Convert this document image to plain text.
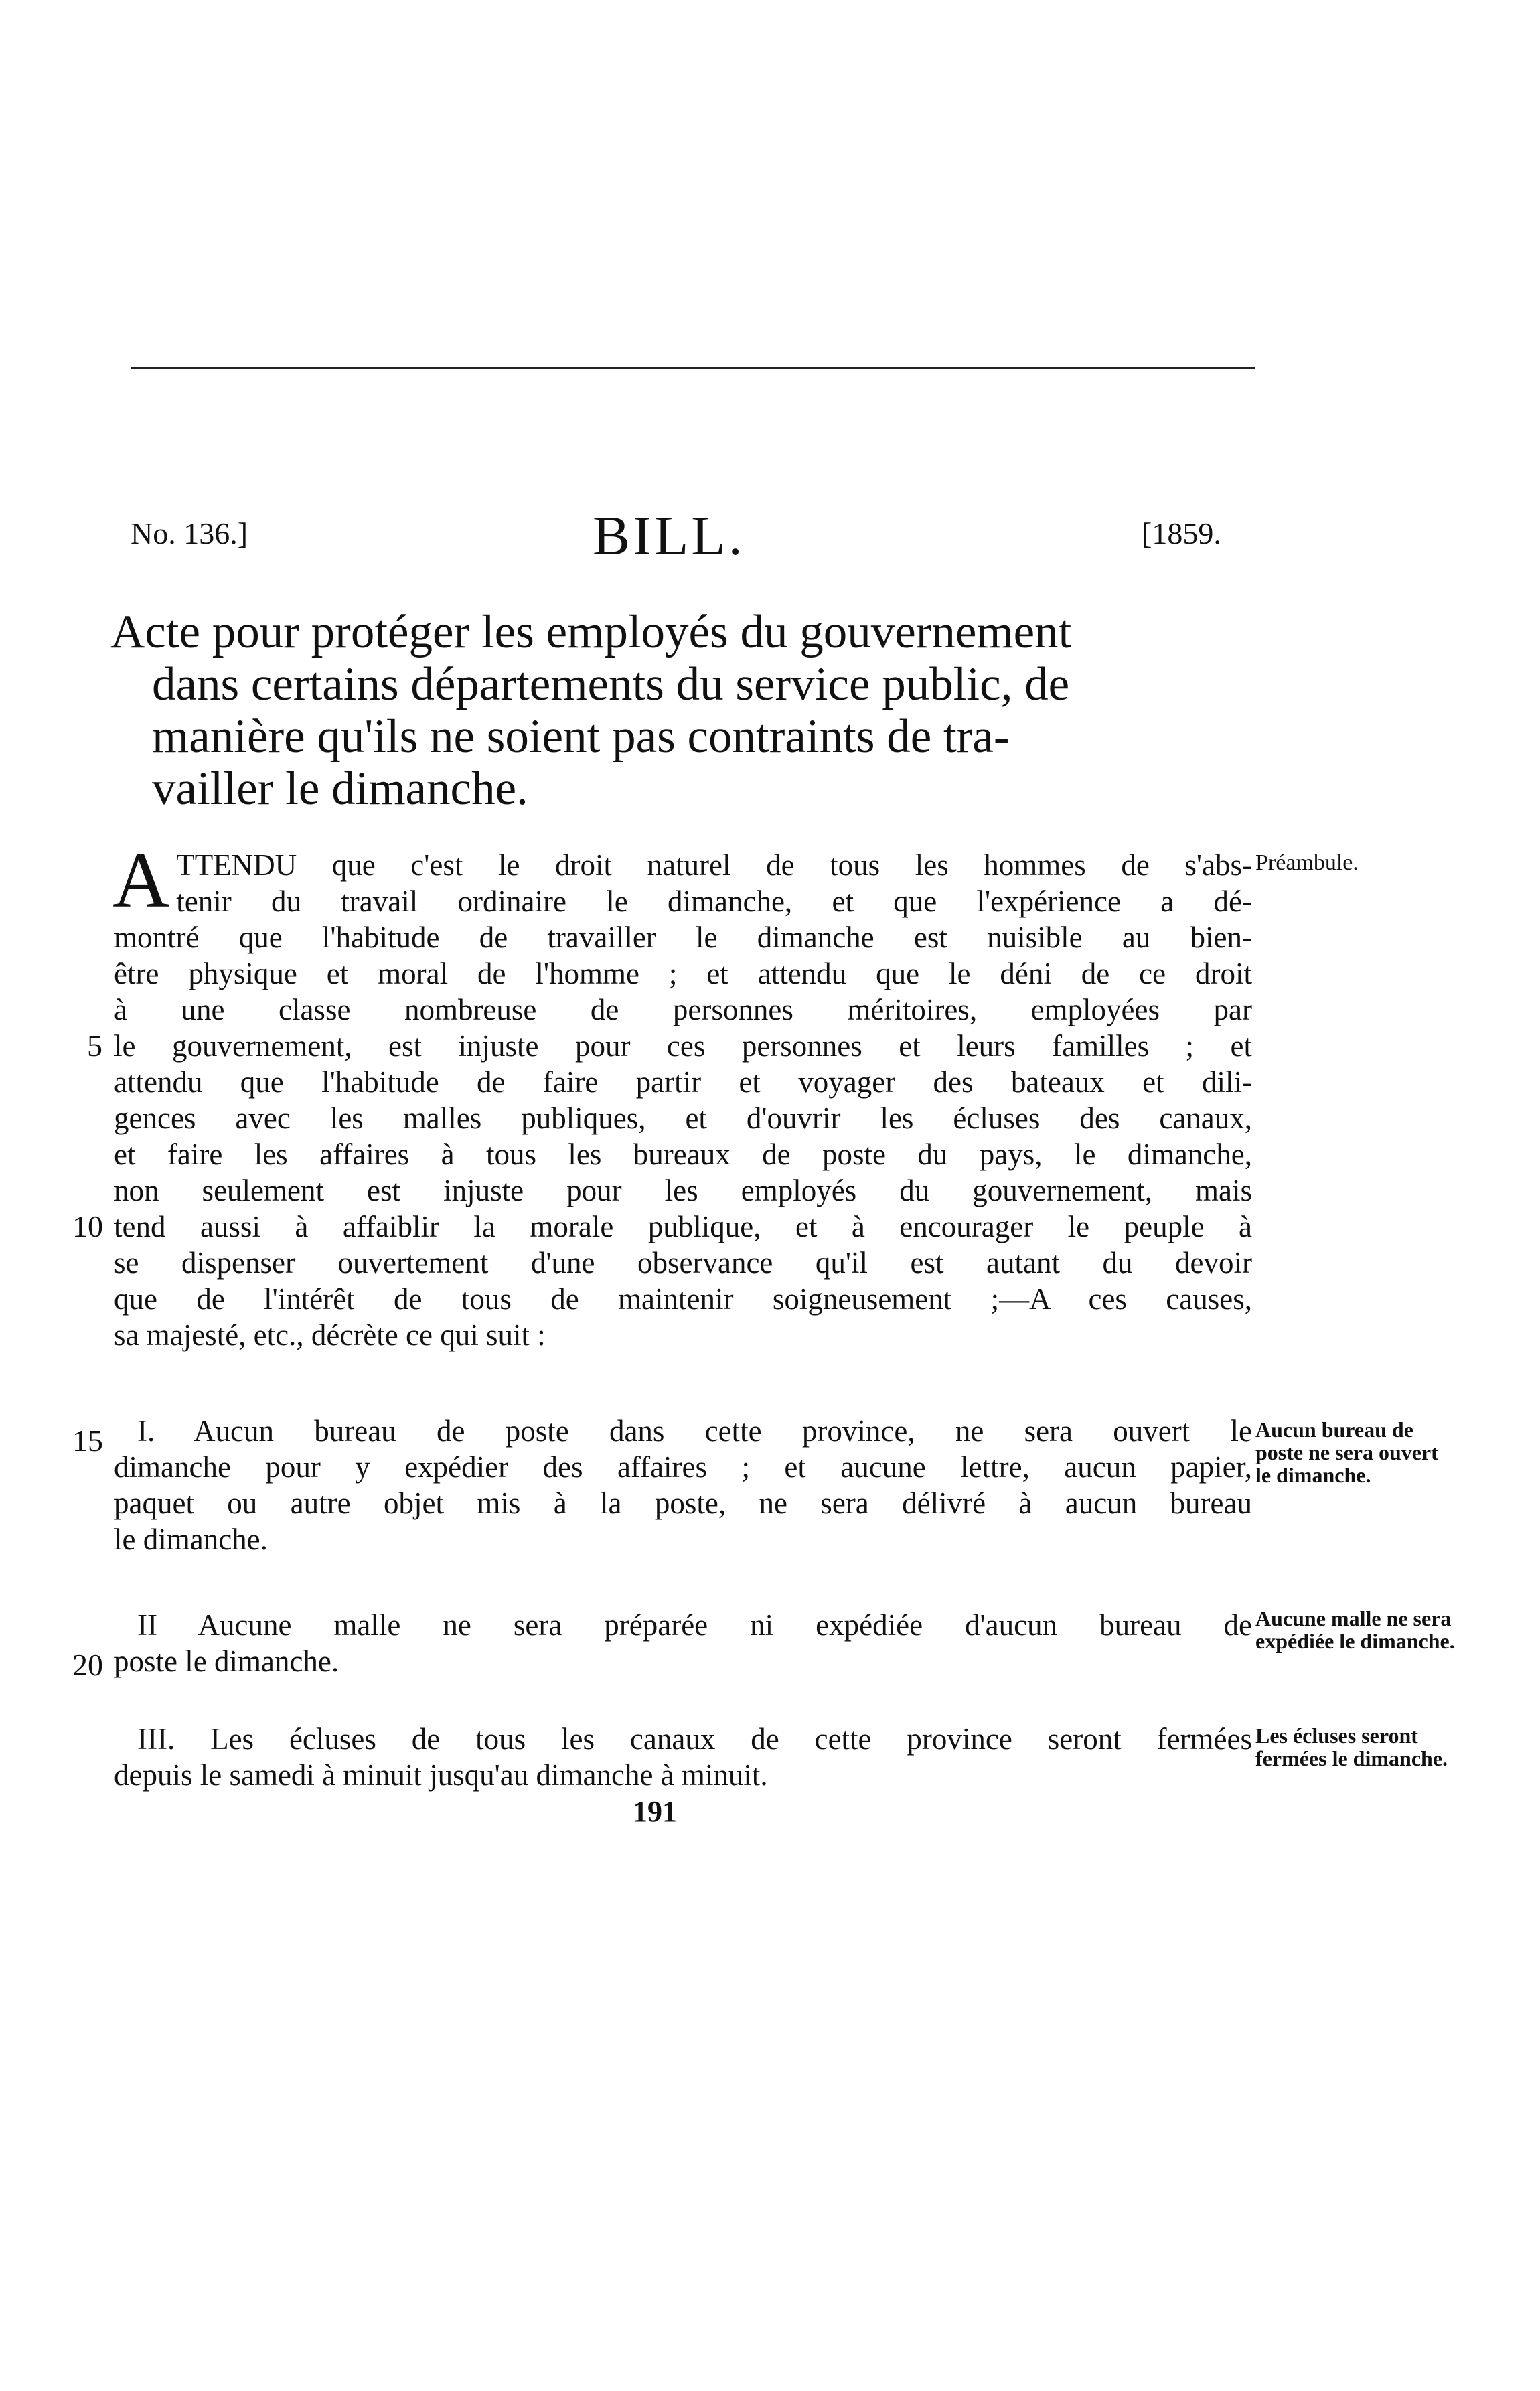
No. 136.]	BILL.	[1859.
Acte pour protéger les employés du gouvernement
dans certains départements du service public, de
manière qu'ils ne soient pas contraints de tra-
vailler le dimanche.
A TTENDU que c'est le droit naturel de tous les hommes de s'abs-
tenir du travail ordinaire le dimanche, et que l'expérience a dé-
montré que l'habitude de travailler le dimanche est nuisible au bien-
être physique et moral de l'homme ; et attendu que le déni de ce droit
à une classe nombreuse de personnes méritoires, employées par
le gouvernement, est injuste pour ces personnes et leurs familles ; et
attendu que l'habitude de faire partir et voyager des bateaux et dili-
gences avec les malles publiques, et d'ouvrir les écluses des canaux,
et faire les affaires à tous les bureaux de poste du pays, le dimanche,
non seulement est injuste pour les employés du gouvernement, mais
tend aussi à affaiblir la morale publique, et à encourager le peuple à
se dispenser ouvertement d'une observance qu'il est autant du devoir
que de l'intérêt de tous de maintenir soigneusement ;—A ces causes,
sa majesté, etc., décrète ce qui suit :
Préambule.
I. Aucun bureau de poste dans cette province, ne sera ouvert le
dimanche pour y expédier des affaires ; et aucune lettre, aucun papier,
paquet ou autre objet mis à la poste, ne sera délivré à aucun bureau
le dimanche.
Aucun bureau de poste ne sera ouvert le dimanche.
II Aucune malle ne sera préparée ni expédiée d'aucun bureau de
poste le dimanche.
Aucune malle ne sera expédiée le dimanche.
III. Les écluses de tous les canaux de cette province seront fermées
depuis le samedi à minuit jusqu'au dimanche à minuit.
Les écluses seront fermées le dimanche.
5
10
15
20
191
